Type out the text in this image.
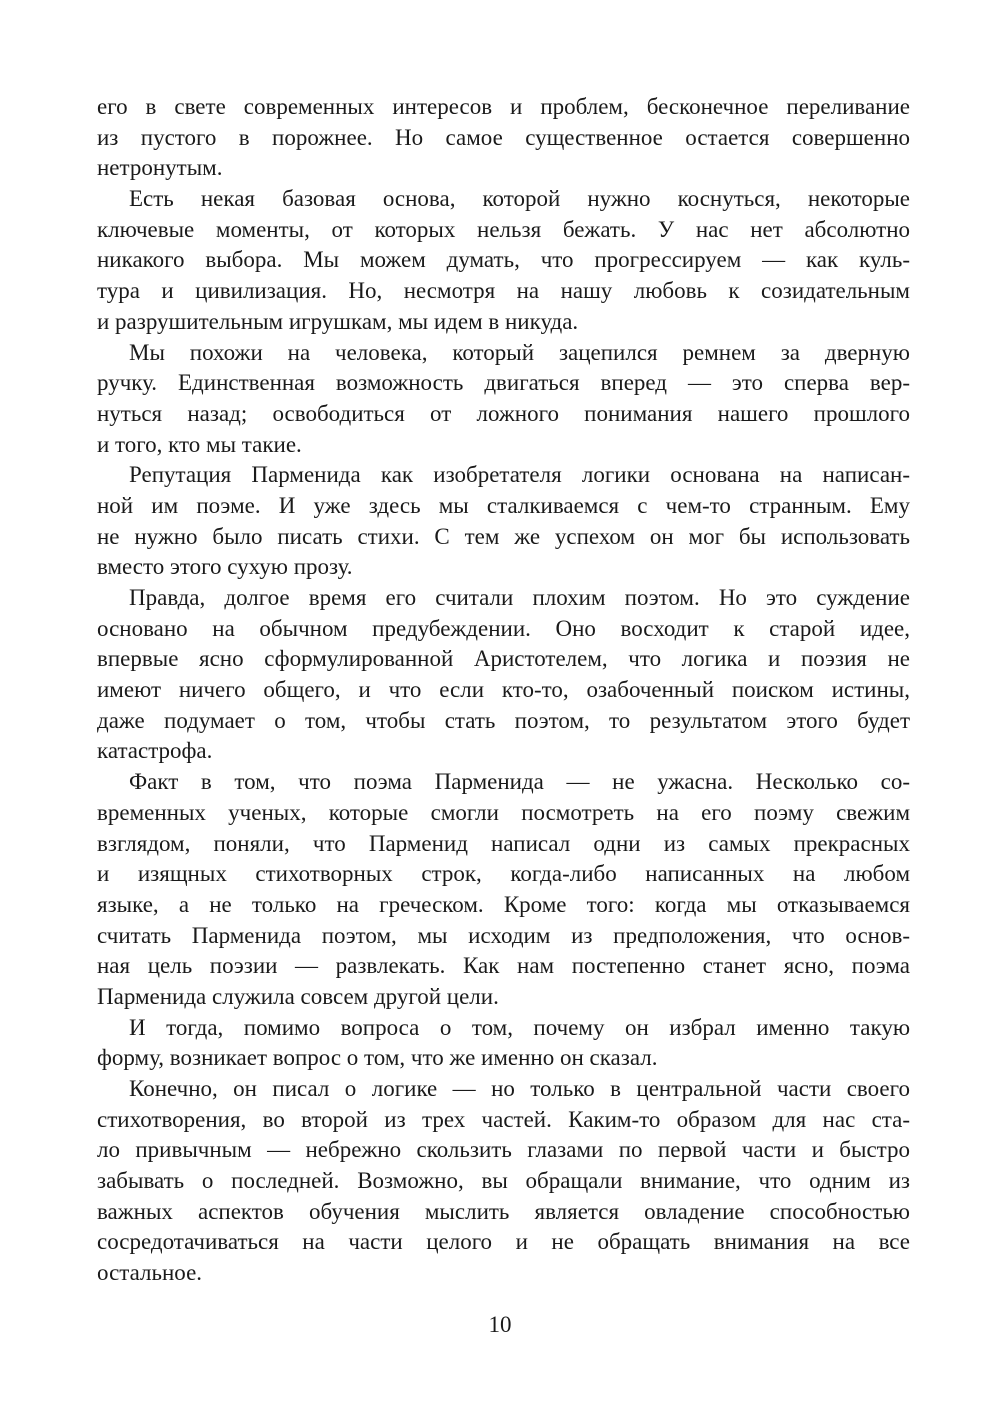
его в свете современных интересов и проблем, бесконечное переливание
из пустого в порожнее. Но самое существенное остается совершенно
нетронутым.
Есть некая базовая основа, которой нужно коснуться, некоторые
ключевые моменты, от которых нельзя бежать. У нас нет абсолютно
никакого выбора. Мы можем думать, что прогрессируем — как куль-
тура и цивилизация. Но, несмотря на нашу любовь к созидательным
и разрушительным игрушкам, мы идем в никуда.
Мы похожи на человека, который зацепился ремнем за дверную
ручку. Единственная возможность двигаться вперед — это сперва вер-
нуться назад; освободиться от ложного понимания нашего прошлого
и того, кто мы такие.
Репутация Парменида как изобретателя логики основана на написан-
ной им поэме. И уже здесь мы сталкиваемся с чем-то странным. Ему
не нужно было писать стихи. С тем же успехом он мог бы использовать
вместо этого сухую прозу.
Правда, долгое время его считали плохим поэтом. Но это суждение
основано на обычном предубеждении. Оно восходит к старой идее,
впервые ясно сформулированной Аристотелем, что логика и поэзия не
имеют ничего общего, и что если кто-то, озабоченный поиском истины,
даже подумает о том, чтобы стать поэтом, то результатом этого будет
катастрофа.
Факт в том, что поэма Парменида — не ужасна. Несколько со-
временных ученых, которые смогли посмотреть на его поэму свежим
взглядом, поняли, что Парменид написал одни из самых прекрасных
и изящных стихотворных строк, когда-либо написанных на любом
языке, а не только на греческом. Кроме того: когда мы отказываемся
считать Парменида поэтом, мы исходим из предположения, что основ-
ная цель поэзии — развлекать. Как нам постепенно станет ясно, поэма
Парменида служила совсем другой цели.
И тогда, помимо вопроса о том, почему он избрал именно такую
форму, возникает вопрос о том, что же именно он сказал.
Конечно, он писал о логике — но только в центральной части своего
стихотворения, во второй из трех частей. Каким-то образом для нас ста-
ло привычным — небрежно скользить глазами по первой части и быстро
забывать о последней. Возможно, вы обращали внимание, что одним из
важных аспектов обучения мыслить является овладение способностью
сосредотачиваться на части целого и не обращать внимания на все
остальное.
10
